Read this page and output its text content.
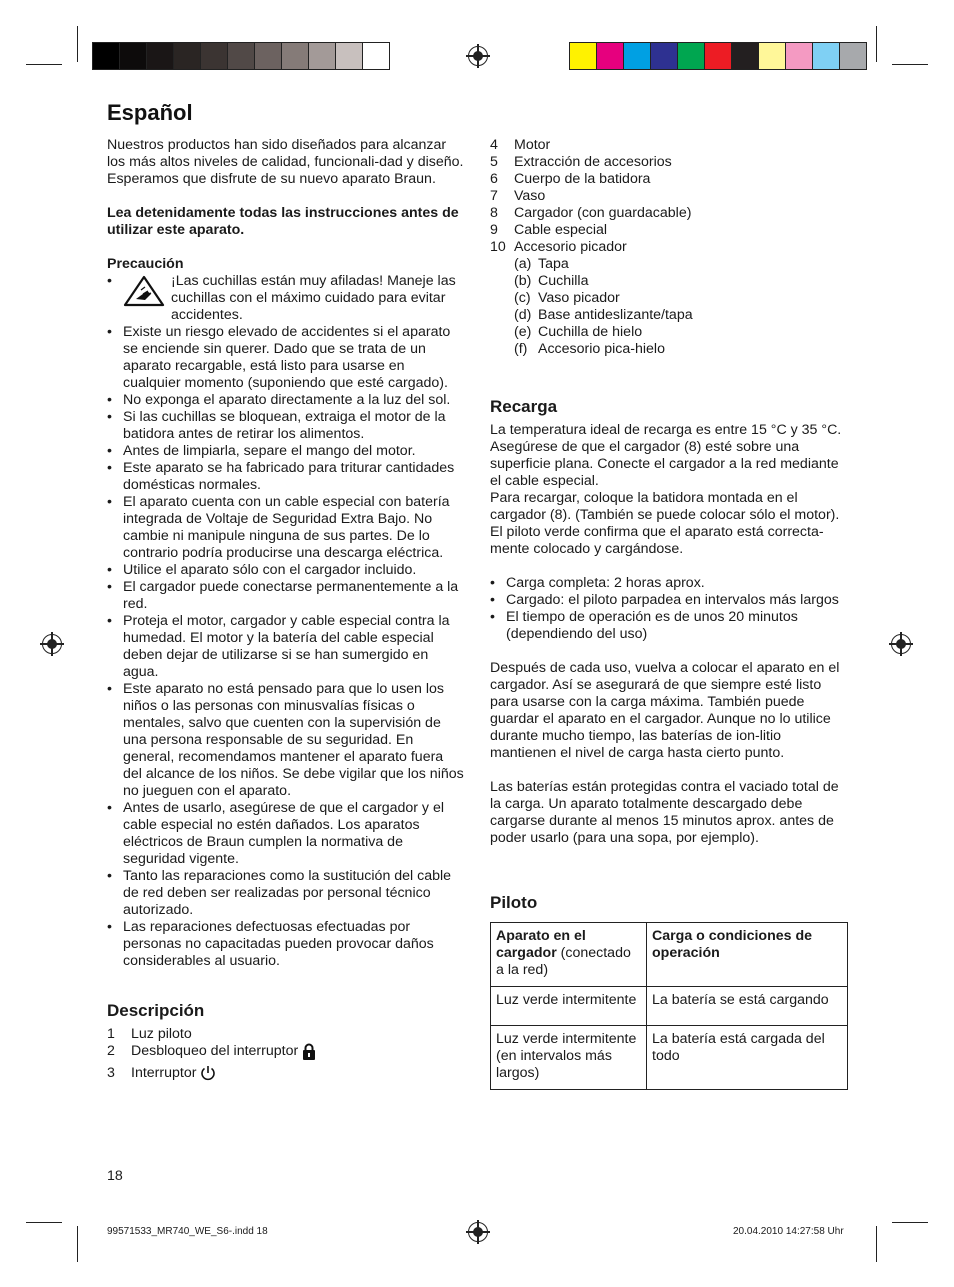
Español

Nuestros productos han sido diseñados para alcanzar los más altos niveles de calidad, funcionali-dad y diseño. Esperamos que disfrute de su nuevo aparato Braun.

Lea detenidamente todas las instrucciones antes de utilizar este aparato.

Precaución

•	¡Las cuchillas están muy afiladas! Maneje las cuchillas con el máximo cuidado para evitar accidentes.
• Existe un riesgo elevado de accidentes si el aparato se enciende sin querer. Dado que se trata de un aparato recargable, está listo para usarse en cualquier momento (suponiendo que esté cargado).
• No exponga el aparato directamente a la luz del sol.
• Si las cuchillas se bloquean, extraiga el motor de la batidora antes de retirar los alimentos.
• Antes de limpiarla, separe el mango del motor.
• Este aparato se ha fabricado para triturar cantidades domésticas normales.
• El aparato cuenta con un cable especial con batería integrada de Voltaje de Seguridad Extra Bajo. No cambie ni manipule ninguna de sus partes. De lo contrario podría producirse una descarga eléctrica.
• Utilice el aparato sólo con el cargador incluido.
• El cargador puede conectarse permanentemente a la red.
• Proteja el motor, cargador y cable especial contra la humedad. El motor y la batería del cable especial deben dejar de utilizarse si se han sumergido en agua.
• Este aparato no está pensado para que lo usen los niños o las personas con minusvalías físicas o mentales, salvo que cuenten con la supervisión de una persona responsable de su seguridad. En general, recomendamos mantener el aparato fuera del alcance de los niños. Se debe vigilar que los niños no jueguen con el aparato.
• Antes de usarlo, asegúrese de que el cargador y el cable especial no estén dañados. Los aparatos eléctricos de Braun cumplen la normativa de seguridad vigente.
• Tanto las reparaciones como la sustitución del cable de red deben ser realizadas por personal técnico autorizado.
• Las reparaciones defectuosas efectuadas por personas no capacitadas pueden provocar daños considerables al usuario.

Descripción

1	Luz piloto
2	Desbloqueo del interruptor
3	Interruptor
18
4	Motor
5	Extracción de accesorios
6	Cuerpo de la batidora
7	Vaso
8	Cargador (con guardacable)
9	Cable especial
10 Accesorio picador
(a) Tapa
(b) Cuchilla
(c) Vaso picador
(d) Base antideslizante/tapa
(e) Cuchilla de hielo
(f) Accesorio pica-hielo

Recarga

La temperatura ideal de recarga es entre 15 °C y 35 °C.

Asegúrese de que el cargador (8) esté sobre una superficie plana. Conecte el cargador a la red mediante el cable especial.

Para recargar, coloque la batidora montada en el cargador (8). (También se puede colocar sólo el motor).

El piloto verde confirma que el aparato está correcta-mente colocado y cargándose.

• Carga completa: 2 horas aprox.
• Cargado: el piloto parpadea en intervalos más largos
• El tiempo de operación es de unos 20 minutos (dependiendo del uso)

Después de cada uso, vuelva a colocar el aparato en el cargador. Así se asegurará de que siempre esté listo para usarse con la carga máxima. También puede guardar el aparato en el cargador. Aunque no lo utilice durante mucho tiempo, las baterías de ion-litio mantienen el nivel de carga hasta cierto punto.

Las baterías están protegidas contra el vaciado total de la carga. Un aparato totalmente descargado debe cargarse durante al menos 15 minutos aprox. antes de poder usarlo (para una sopa, por ejemplo).

Piloto

Aparato en el cargador (conectado a la red)	Carga o condiciones de operación
Luz verde intermitente	La batería se está cargando
Luz verde intermitente (en intervalos más largos)	La batería está cargada del todo
99571533_MR740_WE_S6-.indd 18	20.04.2010 14:27:58 Uhr
